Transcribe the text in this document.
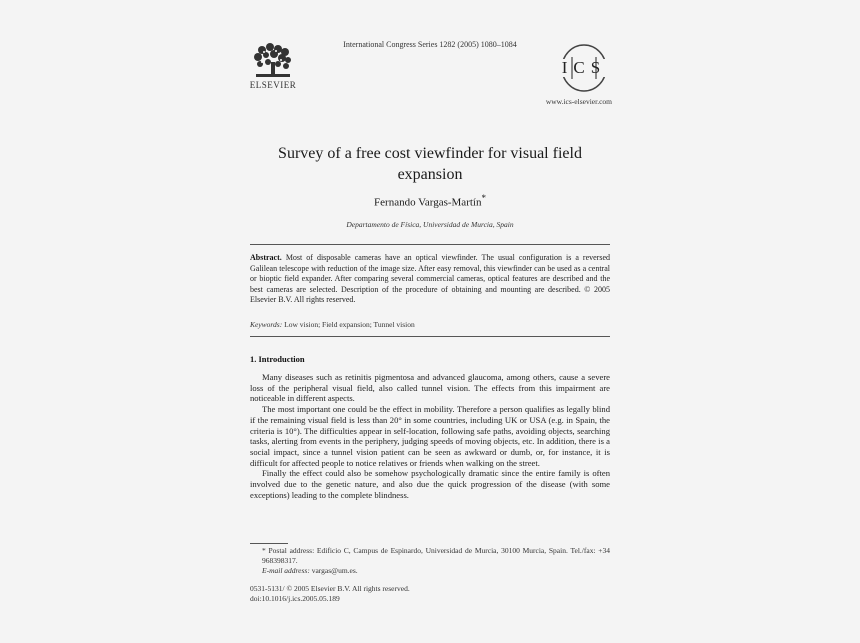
ELSEVIER
International Congress Series 1282 (2005) 1080–1084
ICS
www.ics-elsevier.com
Survey of a free cost viewfinder for visual field expansion
Fernando Vargas-Martín*
Departamento de Física, Universidad de Murcia, Spain
Abstract. Most of disposable cameras have an optical viewfinder. The usual configuration is a reversed Galilean telescope with reduction of the image size. After easy removal, this viewfinder can be used as a central or bioptic field expander. After comparing several commercial cameras, optical features are described and the best cameras are selected. Description of the procedure of obtaining and mounting are described. © 2005 Elsevier B.V. All rights reserved.
Keywords: Low vision; Field expansion; Tunnel vision
1. Introduction

Many diseases such as retinitis pigmentosa and advanced glaucoma, among others, cause a severe loss of the peripheral visual field, also called tunnel vision. The effects from this impairment are noticeable in different aspects.

The most important one could be the effect in mobility. Therefore a person qualifies as legally blind if the remaining visual field is less than 20° in some countries, including UK or USA (e.g. in Spain, the criteria is 10°). The difficulties appear in self-location, following safe paths, avoiding objects, searching tasks, alerting from events in the periphery, judging speeds of moving objects, etc. In addition, there is a social impact, since a tunnel vision patient can be seen as awkward or dumb, or, for instance, it is difficult for affected people to notice relatives or friends when walking on the street.

Finally the effect could also be somehow psychologically dramatic since the entire family is often involved due to the genetic nature, and also due the quick progression of the disease (with some exceptions) leading to the complete blindness.

* Postal address: Edificio C, Campus de Espinardo, Universidad de Murcia, 30100 Murcia, Spain. Tel./fax: +34 968398317.
E-mail address: vargas@um.es.
0531-5131/ © 2005 Elsevier B.V. All rights reserved.
doi:10.1016/j.ics.2005.05.189
